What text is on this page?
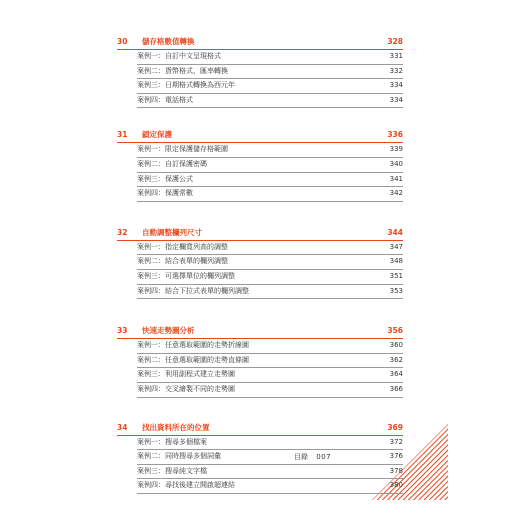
30 儲存格數值轉換	328
案例一：自訂中文呈現格式	331
案例二：貨幣格式、匯率轉換	332
案例三：日期格式轉換為西元年	334
案例四：電話格式	334
31 鎖定保護	336
案例一：限定保護儲存格範圍	339
案例二：自訂保護密碼	340
案例三：保護公式	341
案例四：保護常數	342
32 自動調整欄列尺寸	344
案例一：指定欄寬列高的調整	347
案例二：結合表單的欄列調整	348
案例三：可選擇單位的欄列調整	351
案例四：結合下拉式表單的欄列調整	353
33 快速走勢圖分析	356
案例一：任意選取範圍的走勢折線圖	360
案例二：任意選取範圍的走勢直條圖	362
案例三：利用副程式建立走勢圖	364
案例四：交叉繪製不同的走勢圖	366
34 找出資料所在的位置	369
案例一：搜尋多個檔案	372
案例二：同時搜尋多個詞彙	376
案例三：搜尋純文字檔	378
案例四：尋找後建立開啟超連結	380
目錄 007
